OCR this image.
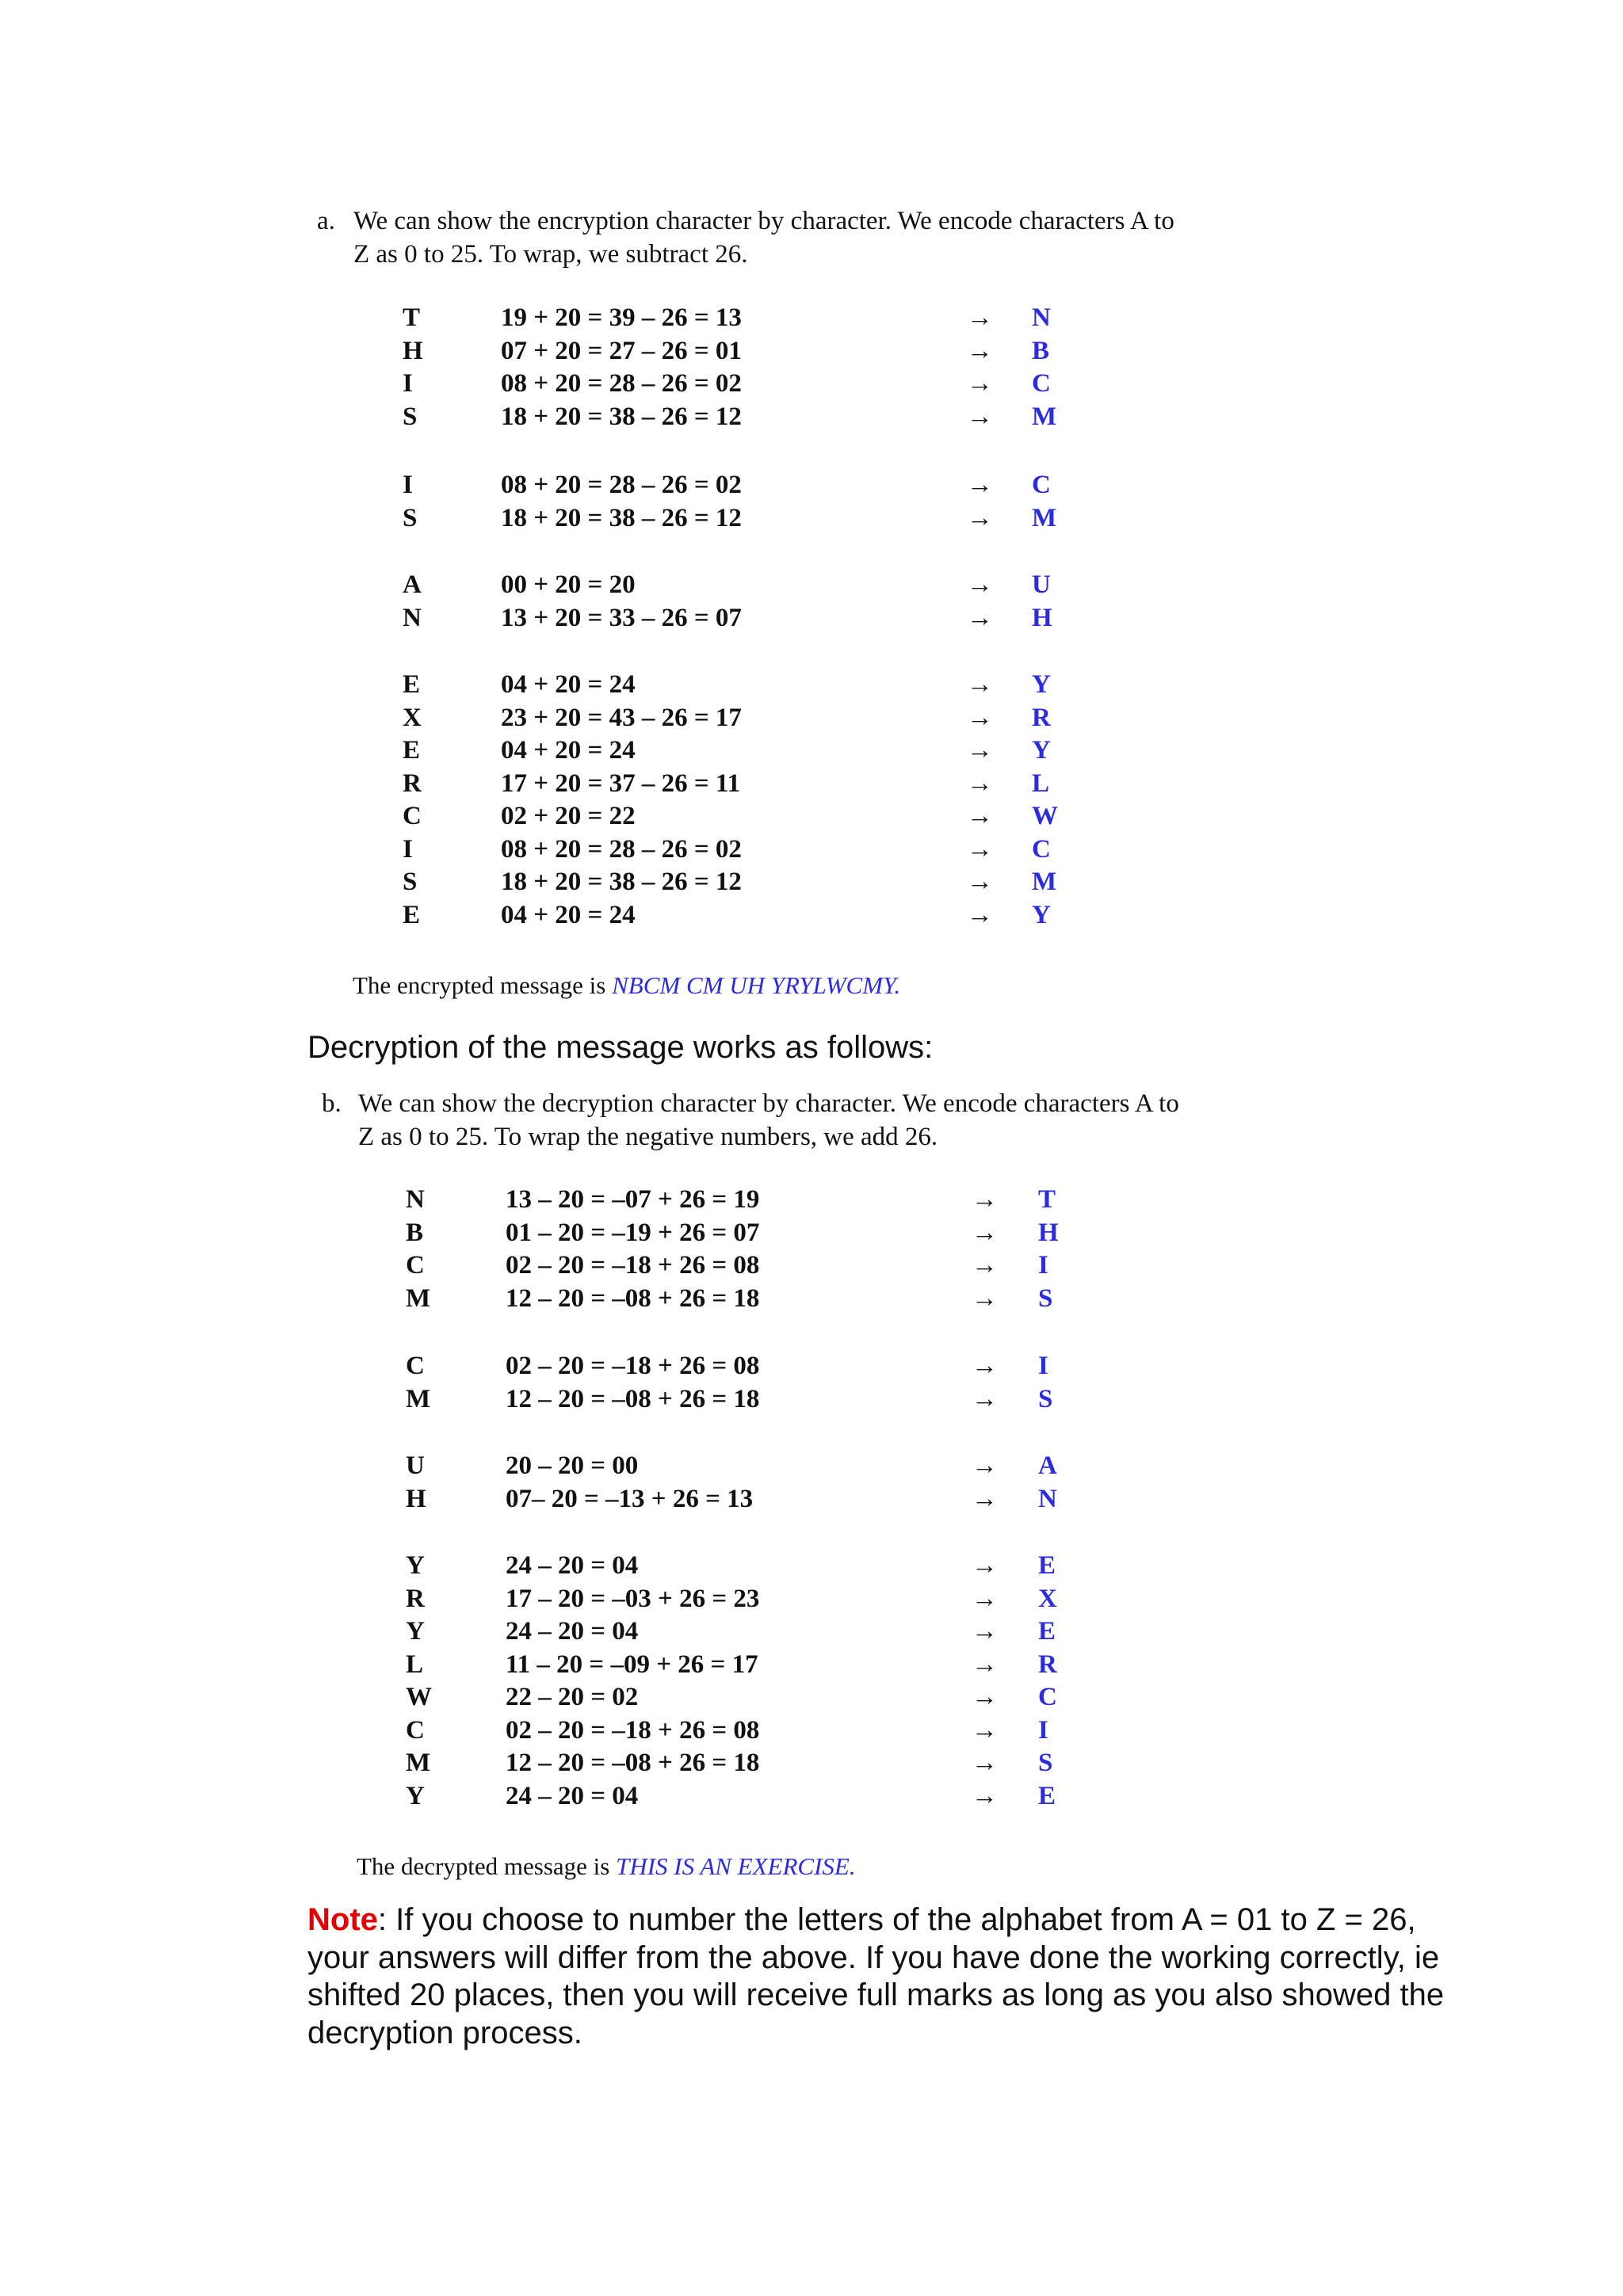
a. We can show the encryption character by character. We encode characters A to
Z as 0 to 25. To wrap, we subtract 26.
T	19 + 20 = 39 – 26 = 13	→ N
H	07 + 20 = 27 – 26 = 01	→ B
I	08 + 20 = 28 – 26 = 02	→ C
S	18 + 20 = 38 – 26 = 12	→ M
I	08 + 20 = 28 – 26 = 02	→ C
S	18 + 20 = 38 – 26 = 12	→ M
A	00 + 20 = 20	→ U
N	13 + 20 = 33 – 26 = 07	→ H
E	04 + 20 = 24	→ Y
X	23 + 20 = 43 – 26 = 17	→ R
E	04 + 20 = 24	→ Y
R	17 + 20 = 37 – 26 = 11	→ L
C	02 + 20 = 22	→ W
I	08 + 20 = 28 – 26 = 02	→ C
S	18 + 20 = 38 – 26 = 12	→ M
E	04 + 20 = 24	→ Y
The encrypted message is NBCM CM UH YRYLWCMY.
Decryption of the message works as follows:
b. We can show the decryption character by character. We encode characters A to
Z as 0 to 25. To wrap the negative numbers, we add 26.
N	13 – 20 = –07 + 26 = 19	→ T
B	01 – 20 = –19 + 26 = 07	→ H
C	02 – 20 = –18 + 26 = 08	→ I
M	12 – 20 = –08 + 26 = 18	→ S
C	02 – 20 = –18 + 26 = 08	→ I
M	12 – 20 = –08 + 26 = 18	→ S
U	20 – 20 = 00	→ A
H	07– 20 = –13 + 26 = 13	→ N
Y	24 – 20 = 04	→ E
R	17 – 20 = –03 + 26 = 23	→ X
Y	24 – 20 = 04	→ E
L	11 – 20 = –09 + 26 = 17	→ R
W	22 – 20 = 02	→ C
C	02 – 20 = –18 + 26 = 08	→ I
M	12 – 20 = –08 + 26 = 18	→ S
Y	24 – 20 = 04	→ E
The decrypted message is THIS IS AN EXERCISE.
Note: If you choose to number the letters of the alphabet from A = 01 to Z = 26, your answers will differ from the above. If you have done the working correctly, ie shifted 20 places, then you will receive full marks as long as you also showed the decryption process.
